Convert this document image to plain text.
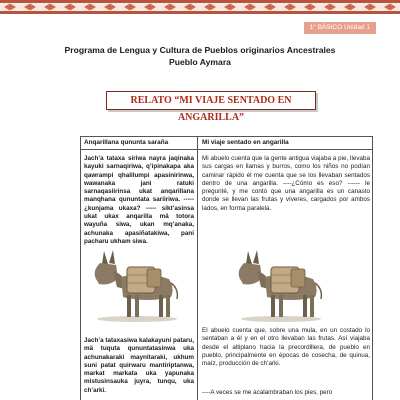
1° BÁSICO Unidad 1
Programa de Lengua y Cultura de Pueblos originarios Ancestrales
Pueblo Aymara
RELATO “MI VIAJE SENTADO EN ANGARILLA”
Anqarillana qununta saraña	Mi viaje sentado en angarilla

Jach’a tataxa siriwa nayra jaqinaka kayuki sarnaqiriwa, q’ipinakapa aka qawrampi qhalilumpi apasinirinwa, wawanaka jani ratuki sarnaqasiirinsa ukat anqarillana manqhana qununtata sariiriwa. -----¿kunjama ukaxa? ----- sikt’asinsa ukat ukax anqarilla mä totora wayuña siwa, ukan mq’anaka, achunaka apasiñatakiwa, pani pacharu ukham siwa.

Jach’a tataxasiwa kalakayuni pataru, mä tuquta qununtatasinwa uka achunakaraki maynitaraki, ukhum suni patat quirwaru mantiriptanwa, markat markata uka yapunaka mistusinsauka juyra, tunqu, uka ch’arki.

Mi abuelo cuenta que la gente antigua viajaba a pie, llevaba sus cargas en llamas y burros, como los niños no podían caminar rápido él me cuenta que se los llevaban sentados dentro de una angarilla. ----¿Cómo es eso? ------ le pregunté, y me contó que una angarilla es un canasto donde se llevan las frutas y víveres, cargados por ambos lados, en forma paralela.

El abuelo cuenta que, sobre una mula, en un costado lo sentaban a él y en el otro llevaban las frutas. Así viajaba desde el altiplano hacia la precordillera, de pueblo en pueblo, principalmente en épocas de cosecha, de quinua, maíz, producción de ch’arki.

----A veces se me acalambraban los pies, pero
